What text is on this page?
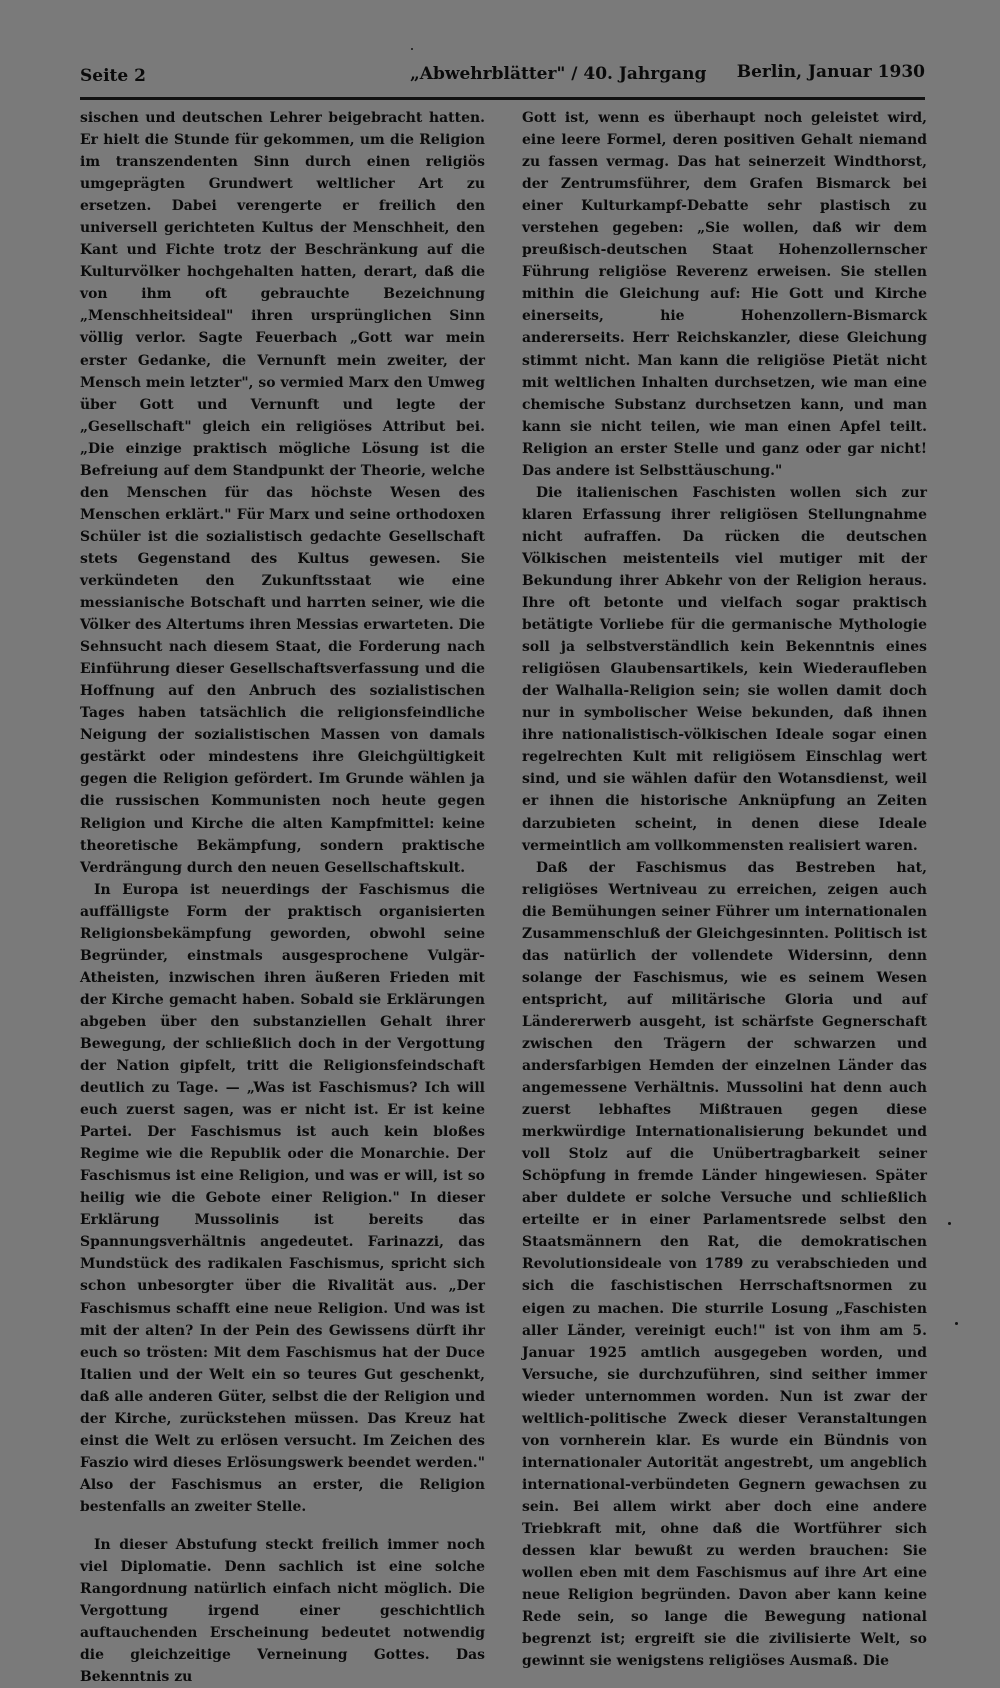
Seite 2	„Abwehrblätter" / 40. Jahrgang Berlin, Januar 1930

sischen und deutschen Lehrer beigebracht hatten. Er hielt die Stunde für gekommen, um die Religion im transzendenten Sinn durch einen religiös umgeprägten Grundwert weltlicher Art zu ersetzen. Dabei verengerte er freilich den universell gerichteten Kultus der Menschheit, den Kant und Fichte trotz der Beschränkung auf die Kulturvölker hochgehalten hatten, derart, daß die von ihm oft gebrauchte Bezeichnung „Menschheitsideal" ihren ursprünglichen Sinn völlig verlor. Sagte Feuerbach „Gott war mein erster Gedanke, die Vernunft mein zweiter, der Mensch mein letzter", so vermied Marx den Umweg über Gott und Vernunft und legte der „Gesellschaft" gleich ein religiöses Attribut bei. „Die einzige praktisch mögliche Lösung ist die Befreiung auf dem Standpunkt der Theorie, welche den Menschen für das höchste Wesen des Menschen erklärt." Für Marx und seine orthodoxen Schüler ist die sozialistisch gedachte Gesellschaft stets Gegenstand des Kultus gewesen. Sie verkündeten den Zukunftsstaat wie eine messianische Botschaft und harrten seiner, wie die Völker des Altertums ihren Messias erwarteten. Die Sehnsucht nach diesem Staat, die Forderung nach Einführung dieser Gesellschaftsverfassung und die Hoffnung auf den Anbruch des sozialistischen Tages haben tatsächlich die religionsfeindliche Neigung der sozialistischen Massen von damals gestärkt oder mindestens ihre Gleichgültigkeit gegen die Religion gefördert. Im Grunde wählen ja die russischen Kommunisten noch heute gegen Religion und Kirche die alten Kampfmittel: keine theoretische Bekämpfung, sondern praktische Verdrängung durch den neuen Gesellschaftskult.

In Europa ist neuerdings der Faschismus die auffälligste Form der praktisch organisierten Religionsbekämpfung geworden, obwohl seine Begründer, einstmals ausgesprochene Vulgär-Atheisten, inzwischen ihren äußeren Frieden mit der Kirche gemacht haben. Sobald sie Erklärungen abgeben über den substanziellen Gehalt ihrer Bewegung, der schließlich doch in der Vergottung der Nation gipfelt, tritt die Religionsfeindschaft deutlich zu Tage. — „Was ist Faschismus? Ich will euch zuerst sagen, was er nicht ist. Er ist keine Partei. Der Faschismus ist auch kein bloßes Regime wie die Republik oder die Monarchie. Der Faschismus ist eine Religion, und was er will, ist so heilig wie die Gebote einer Religion." In dieser Erklärung Mussolinis ist bereits das Spannungsverhältnis angedeutet. Farinazzi, das Mundstück des radikalen Faschismus, spricht sich schon unbesorgter über die Rivalität aus. „Der Faschismus schafft eine neue Religion. Und was ist mit der alten? In der Pein des Gewissens dürft ihr euch so trösten: Mit dem Faschismus hat der Duce Italien und der Welt ein so teures Gut geschenkt, daß alle anderen Güter, selbst die der Religion und der Kirche, zurückstehen müssen. Das Kreuz hat einst die Welt zu erlösen versucht. Im Zeichen des Faszio wird dieses Erlösungswerk beendet werden." Also der Faschismus an erster, die Religion bestenfalls an zweiter Stelle.

In dieser Abstufung steckt freilich immer noch viel Diplomatie. Denn sachlich ist eine solche Rangordnung natürlich einfach nicht möglich. Die Vergottung irgend einer geschichtlich auftauchenden Erscheinung bedeutet notwendig die gleichzeitige Verneinung Gottes. Das Bekenntnis zu

Gott ist, wenn es überhaupt noch geleistet wird, eine leere Formel, deren positiven Gehalt niemand zu fassen vermag. Das hat seinerzeit Windthorst, der Zentrumsführer, dem Grafen Bismarck bei einer Kulturkampf-Debatte sehr plastisch zu verstehen gegeben: „Sie wollen, daß wir dem preußisch-deutschen Staat Hohenzollernscher Führung religiöse Reverenz erweisen. Sie stellen mithin die Gleichung auf: Hie Gott und Kirche einerseits, hie Hohenzollern-Bismarck andererseits. Herr Reichskanzler, diese Gleichung stimmt nicht. Man kann die religiöse Pietät nicht mit weltlichen Inhalten durchsetzen, wie man eine chemische Substanz durchsetzen kann, und man kann sie nicht teilen, wie man einen Apfel teilt. Religion an erster Stelle und ganz oder gar nicht! Das andere ist Selbsttäuschung."

Die italienischen Faschisten wollen sich zur klaren Erfassung ihrer religiösen Stellungnahme nicht aufraffen. Da rücken die deutschen Völkischen meistenteils viel mutiger mit der Bekundung ihrer Abkehr von der Religion heraus. Ihre oft betonte und vielfach sogar praktisch betätigte Vorliebe für die germanische Mythologie soll ja selbstverständlich kein Bekenntnis eines religiösen Glaubensartikels, kein Wiederaufleben der Walhalla-Religion sein; sie wollen damit doch nur in symbolischer Weise bekunden, daß ihnen ihre nationalistisch-völkischen Ideale sogar einen regelrechten Kult mit religiösem Einschlag wert sind, und sie wählen dafür den Wotansdienst, weil er ihnen die historische Anknüpfung an Zeiten darzubieten scheint, in denen diese Ideale vermeintlich am vollkommensten realisiert waren.

Daß der Faschismus das Bestreben hat, religiöses Wertniveau zu erreichen, zeigen auch die Bemühungen seiner Führer um internationalen Zusammenschluß der Gleichgesinnten. Politisch ist das natürlich der vollendete Widersinn, denn solange der Faschismus, wie es seinem Wesen entspricht, auf militärische Gloria und auf Ländererwerb ausgeht, ist schärfste Gegnerschaft zwischen den Trägern der schwarzen und andersfarbigen Hemden der einzelnen Länder das angemessene Verhältnis. Mussolini hat denn auch zuerst lebhaftes Mißtrauen gegen diese merkwürdige Internationalisierung bekundet und voll Stolz auf die Unübertragbarkeit seiner Schöpfung in fremde Länder hingewiesen. Später aber duldete er solche Versuche und schließlich erteilte er in einer Parlamentsrede selbst den Staatsmännern den Rat, die demokratischen Revolutionsideale von 1789 zu verabschieden und sich die faschistischen Herrschaftsnormen zu eigen zu machen. Die sturrile Losung „Faschisten aller Länder, vereinigt euch!" ist von ihm am 5. Januar 1925 amtlich ausgegeben worden, und Versuche, sie durchzuführen, sind seither immer wieder unternommen worden. Nun ist zwar der weltlich-politische Zweck dieser Veranstaltungen von vornherein klar. Es wurde ein Bündnis von internationaler Autorität angestrebt, um angeblich international-verbündeten Gegnern gewachsen zu sein. Bei allem wirkt aber doch eine andere Triebkraft mit, ohne daß die Wortführer sich dessen klar bewußt zu werden brauchen: Sie wollen eben mit dem Faschismus auf ihre Art eine neue Religion begründen. Davon aber kann keine Rede sein, so lange die Bewegung national begrenzt ist; ergreift sie die zivilisierte Welt, so gewinnt sie wenigstens religiöses Ausmaß. Die
